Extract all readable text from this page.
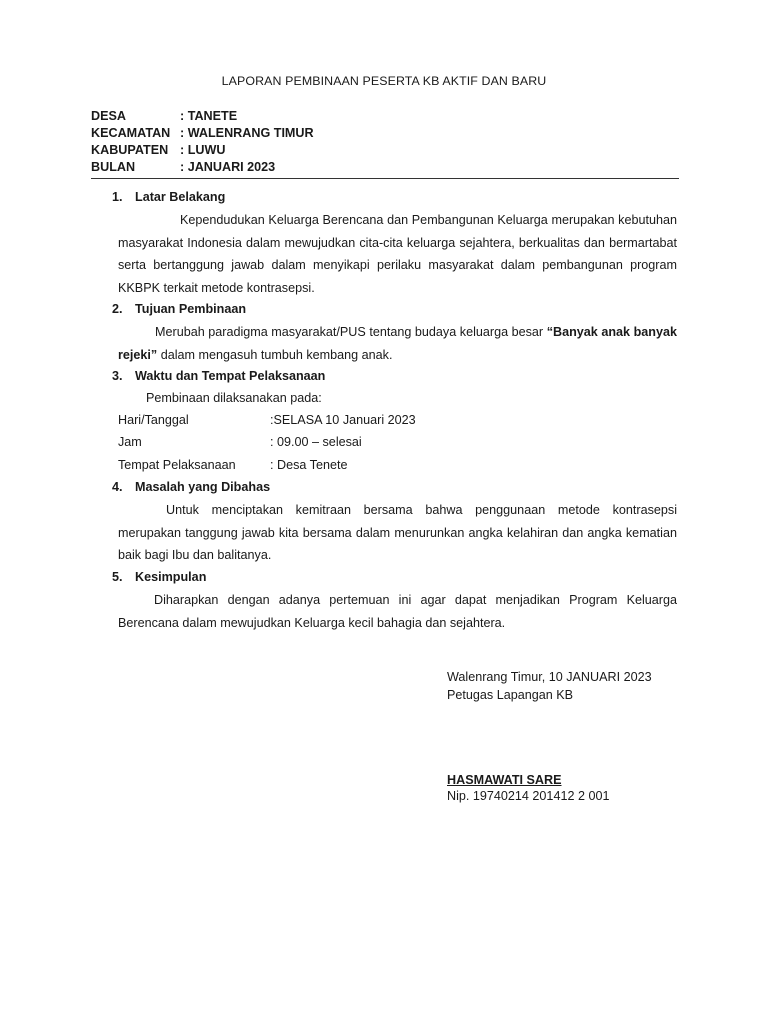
LAPORAN PEMBINAAN PESERTA KB AKTIF DAN BARU
DESA	: TANETE
KECAMATAN : WALENRANG TIMUR
KABUPATEN : LUWU
BULAN	: JANUARI 2023
1. Latar Belakang
Kependudukan Keluarga Berencana dan Pembangunan Keluarga merupakan kebutuhan masyarakat Indonesia dalam mewujudkan cita-cita keluarga sejahtera, berkualitas dan bermartabat serta bertanggung jawab dalam menyikapi perilaku masyarakat dalam pembangunan program KKBPK terkait metode kontrasepsi.
2. Tujuan Pembinaan
Merubah paradigma masyarakat/PUS tentang budaya keluarga besar “Banyak anak banyak rejeki” dalam mengasuh tumbuh kembang anak.
3. Waktu dan Tempat Pelaksanaan
Pembinaan dilaksanakan pada:
Hari/Tanggal	:SELASA 10 Januari 2023
Jam	: 09.00 – selesai
Tempat Pelaksanaan	: Desa Tenete
4. Masalah yang Dibahas
Untuk menciptakan kemitraan bersama bahwa penggunaan metode kontrasepsi merupakan tanggung jawab kita bersama dalam menurunkan angka kelahiran dan angka kematian baik bagi Ibu dan balitanya.
5. Kesimpulan
Diharapkan dengan adanya pertemuan ini agar dapat menjadikan Program Keluarga Berencana dalam mewujudkan Keluarga kecil bahagia dan sejahtera.
Walenrang Timur, 10 JANUARI 2023
Petugas Lapangan KB
HASMAWATI SARE
Nip. 19740214 201412 2 001
